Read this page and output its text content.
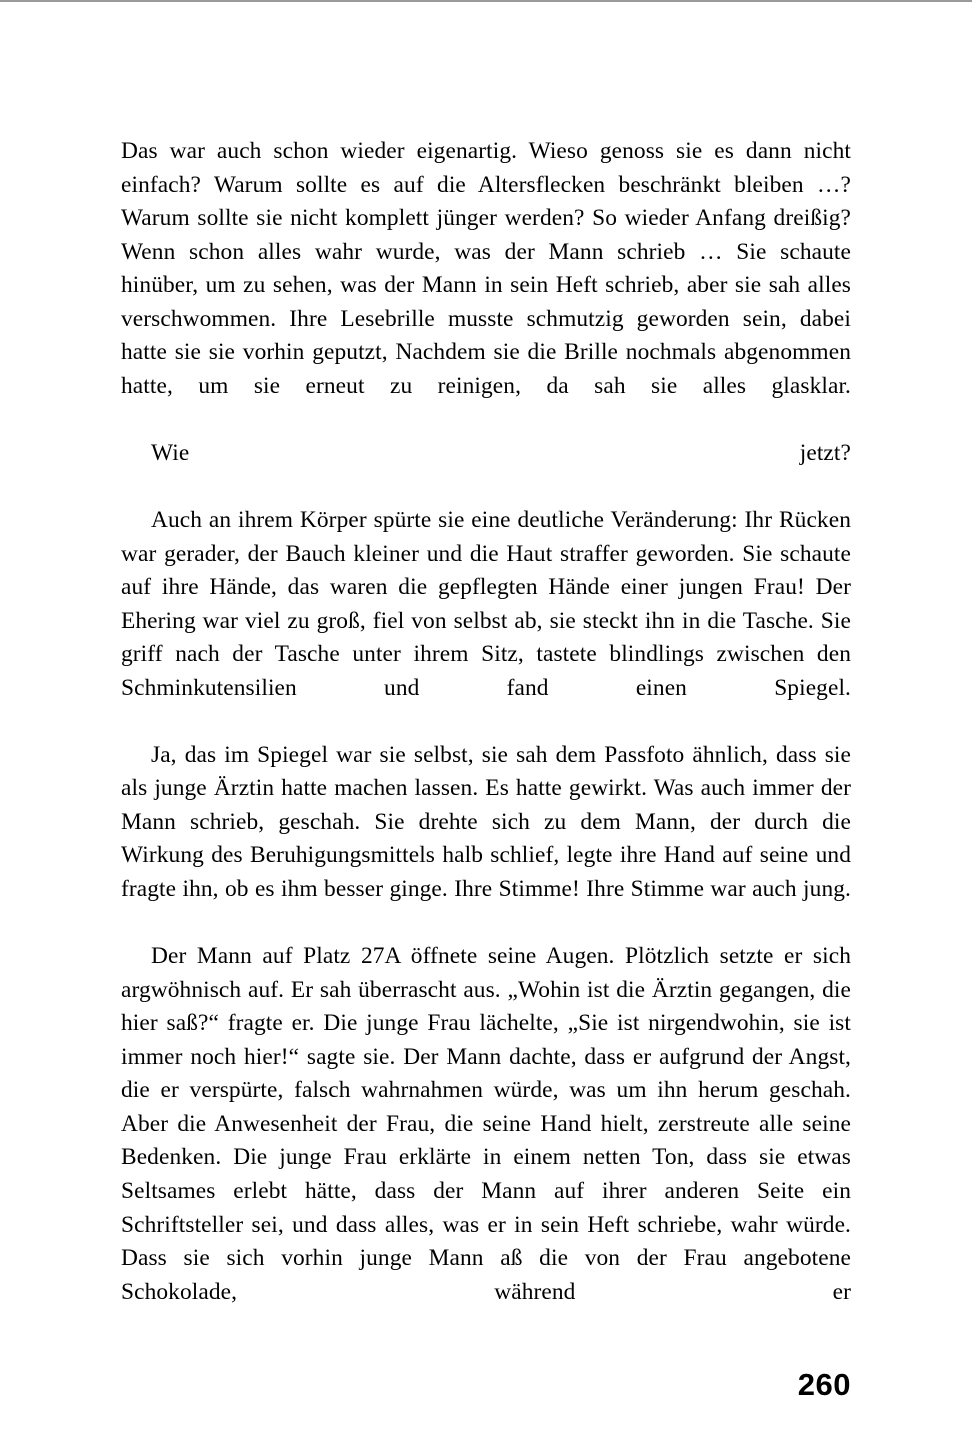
Das war auch schon wieder eigenartig. Wieso genoss sie es dann nicht einfach? Warum sollte es auf die Altersflecken beschränkt bleiben …? Warum sollte sie nicht komplett jünger werden? So wieder Anfang dreißig? Wenn schon alles wahr wurde, was der Mann schrieb … Sie schaute hinüber, um zu sehen, was der Mann in sein Heft schrieb, aber sie sah alles verschwommen. Ihre Lesebrille musste schmutzig geworden sein, dabei hatte sie sie vorhin geputzt, Nachdem sie die Brille nochmals abgenommen hatte, um sie erneut zu reinigen, da sah sie alles glasklar.

Wie jetzt?

Auch an ihrem Körper spürte sie eine deutliche Veränderung: Ihr Rücken war gerader, der Bauch kleiner und die Haut straffer geworden. Sie schaute auf ihre Hände, das waren die gepflegten Hände einer jungen Frau! Der Ehering war viel zu groß, fiel von selbst ab, sie steckt ihn in die Tasche. Sie griff nach der Tasche unter ihrem Sitz, tastete blindlings zwischen den Schminkutensilien und fand einen Spiegel.

Ja, das im Spiegel war sie selbst, sie sah dem Passfoto ähnlich, dass sie als junge Ärztin hatte machen lassen. Es hatte gewirkt. Was auch immer der Mann schrieb, geschah. Sie drehte sich zu dem Mann, der durch die Wirkung des Beruhigungsmittels halb schlief, legte ihre Hand auf seine und fragte ihn, ob es ihm besser ginge. Ihre Stimme! Ihre Stimme war auch jung.

Der Mann auf Platz 27A öffnete seine Augen. Plötzlich setzte er sich argwöhnisch auf. Er sah überrascht aus. „Wohin ist die Ärztin gegangen, die hier saß?“ fragte er. Die junge Frau lächelte, „Sie ist nirgendwohin, sie ist immer noch hier!“ sagte sie. Der Mann dachte, dass er aufgrund der Angst, die er verspürte, falsch wahrnahmen würde, was um ihn herum geschah. Aber die Anwesenheit der Frau, die seine Hand hielt, zerstreute alle seine Bedenken. Die junge Frau erklärte in einem netten Ton, dass sie etwas Seltsames erlebt hätte, dass der Mann auf ihrer anderen Seite ein Schriftsteller sei, und dass alles, was er in sein Heft schriebe, wahr würde. Dass sie sich vorhin junge Mann aß die von der Frau angebotene Schokolade, während er

260
